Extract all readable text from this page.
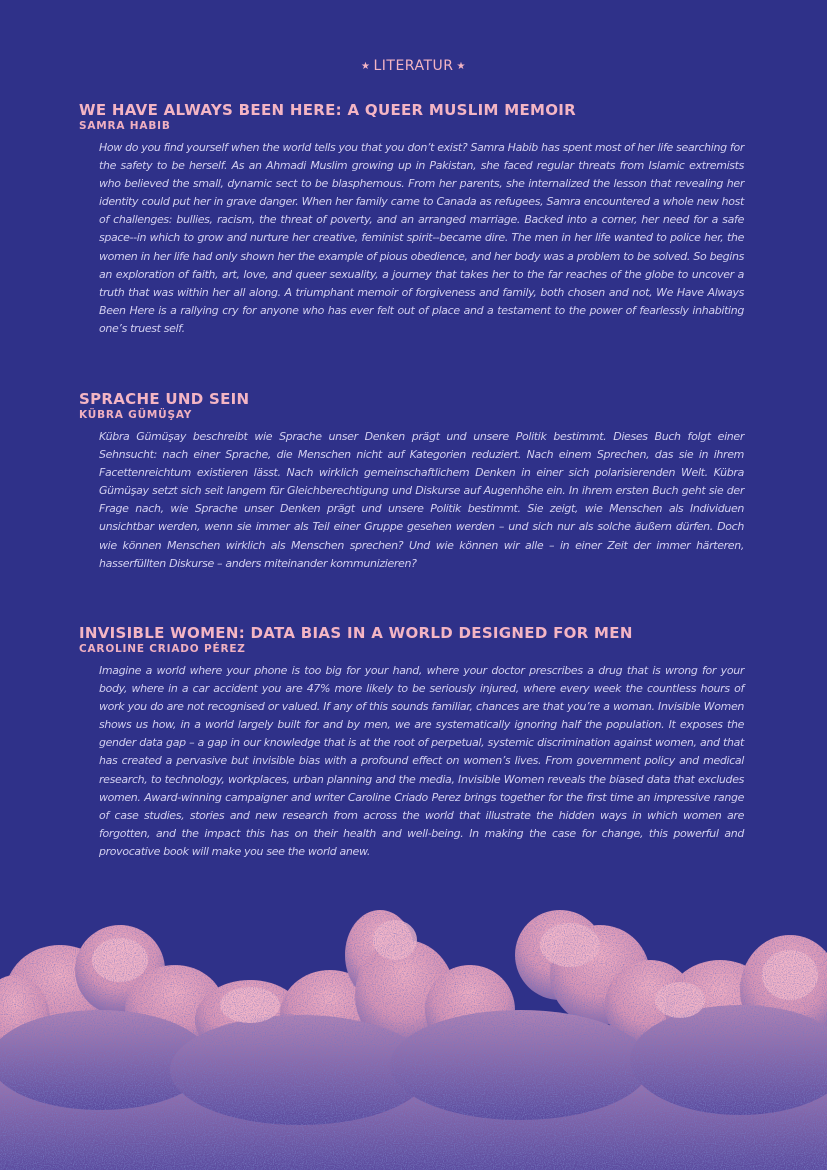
★ LITERATUR ★
WE HAVE ALWAYS BEEN HERE: A QUEER MUSLIM MEMOIR
SAMRA HABIB

How do you find yourself when the world tells you that you don’t exist? Samra Habib has spent most of her life searching for the safety to be herself. As an Ahmadi Muslim growing up in Pakistan, she faced regular threats from Islamic extremists who believed the small, dynamic sect to be blasphemous. From her parents, she internalized the lesson that revealing her identity could put her in grave danger. When her family came to Canada as refugees, Samra encountered a whole new host of challenges: bullies, racism, the threat of poverty, and an arranged marriage. Backed into a corner, her need for a safe space--in which to grow and nurture her creative, feminist spirit--became dire. The men in her life wanted to police her, the women in her life had only shown her the example of pious obedience, and her body was a problem to be solved. So begins an exploration of faith, art, love, and queer sexuality, a journey that takes her to the far reaches of the globe to uncover a truth that was within her all along. A triumphant memoir of forgiveness and family, both chosen and not, We Have Always Been Here is a rallying cry for anyone who has ever felt out of place and a testament to the power of fearlessly inhabiting one’s truest self.

SPRACHE UND SEIN
KÜBRA GÜMÜŞAY

Kübra Gümüşay beschreibt wie Sprache unser Denken prägt und unsere Politik bestimmt. Dieses Buch folgt einer Sehnsucht: nach einer Sprache, die Menschen nicht auf Kategorien reduziert. Nach einem Sprechen, das sie in ihrem Facettenreichtum existieren lässt. Nach wirklich gemeinschaftlichem Denken in einer sich polarisierenden Welt. Kübra Gümüşay setzt sich seit langem für Gleichberechtigung und Diskurse auf Augenhöhe ein. In ihrem ersten Buch geht sie der Frage nach, wie Sprache unser Denken prägt und unsere Politik bestimmt. Sie zeigt, wie Menschen als Individuen unsichtbar werden, wenn sie immer als Teil einer Gruppe gesehen werden – und sich nur als solche äußern dürfen. Doch wie können Menschen wirklich als Menschen sprechen? Und wie können wir alle – in einer Zeit der immer härteren, hasserfüllten Diskurse – anders miteinander kommunizieren?

INVISIBLE WOMEN: DATA BIAS IN A WORLD DESIGNED FOR MEN
CAROLINE CRIADO PÉREZ

Imagine a world where your phone is too big for your hand, where your doctor prescribes a drug that is wrong for your body, where in a car accident you are 47% more likely to be seriously injured, where every week the countless hours of work you do are not recognised or valued. If any of this sounds familiar, chances are that you’re a woman. Invisible Women shows us how, in a world largely built for and by men, we are systematically ignoring half the population. It exposes the gender data gap – a gap in our knowledge that is at the root of perpetual, systemic discrimination against women, and that has created a pervasive but invisible bias with a profound effect on women’s lives. From government policy and medical research, to technology, workplaces, urban planning and the media, Invisible Women reveals the biased data that excludes women. Award-winning campaigner and writer Caroline Criado Perez brings together for the first time an impressive range of case studies, stories and new research from across the world that illustrate the hidden ways in which women are forgotten, and the impact this has on their health and well-being. In making the case for change, this powerful and provocative book will make you see the world anew.
